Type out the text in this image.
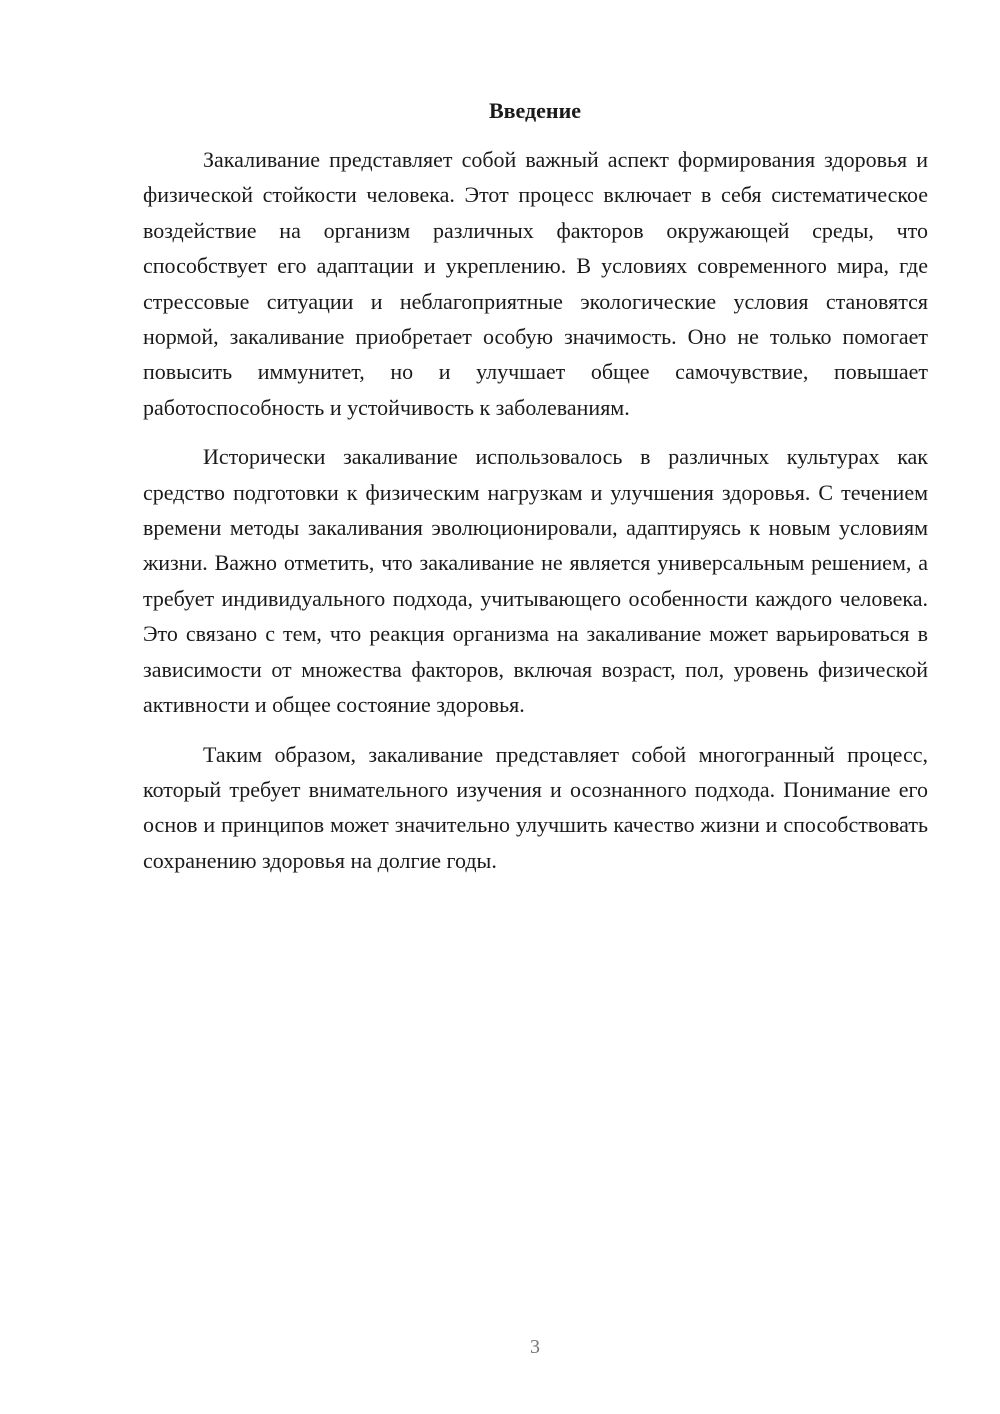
Введение

Закаливание представляет собой важный аспект формирования здоровья и физической стойкости человека. Этот процесс включает в себя систематическое воздействие на организм различных факторов окружающей среды, что способствует его адаптации и укреплению. В условиях современного мира, где стрессовые ситуации и неблагоприятные экологические условия становятся нормой, закаливание приобретает особую значимость. Оно не только помогает повысить иммунитет, но и улучшает общее самочувствие, повышает работоспособность и устойчивость к заболеваниям.

Исторически закаливание использовалось в различных культурах как средство подготовки к физическим нагрузкам и улучшения здоровья. С течением времени методы закаливания эволюционировали, адаптируясь к новым условиям жизни. Важно отметить, что закаливание не является универсальным решением, а требует индивидуального подхода, учитывающего особенности каждого человека. Это связано с тем, что реакция организма на закаливание может варьироваться в зависимости от множества факторов, включая возраст, пол, уровень физической активности и общее состояние здоровья.

Таким образом, закаливание представляет собой многогранный процесс, который требует внимательного изучения и осознанного подхода. Понимание его основ и принципов может значительно улучшить качество жизни и способствовать сохранению здоровья на долгие годы.

3
